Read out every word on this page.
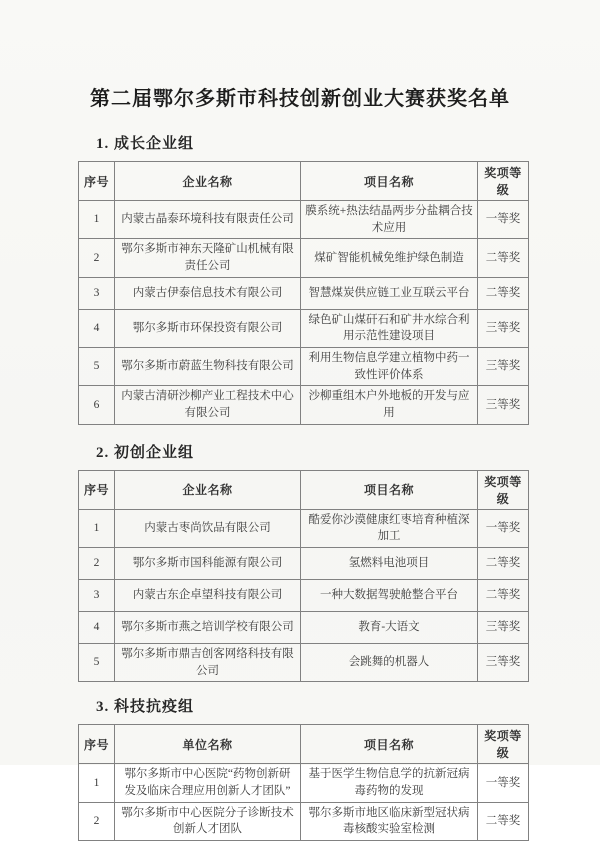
第二届鄂尔多斯市科技创新创业大赛获奖名单
1. 成长企业组
序号	企业名称	项目名称	奖项等级
1	内蒙古晶泰环境科技有限责任公司	膜系统+热法结晶两步分盐耦合技术应用	一等奖
2	鄂尔多斯市神东天隆矿山机械有限责任公司	煤矿智能机械免维护绿色制造	二等奖
3	内蒙古伊泰信息技术有限公司	智慧煤炭供应链工业互联云平台	二等奖
4	鄂尔多斯市环保投资有限公司	绿色矿山煤矸石和矿井水综合利用示范性建设项目	三等奖
5	鄂尔多斯市蔚蓝生物科技有限公司	利用生物信息学建立植物中药一致性评价体系	三等奖
6	内蒙古清研沙柳产业工程技术中心有限公司	沙柳重组木户外地板的开发与应用	三等奖
2. 初创企业组
序号	企业名称	项目名称	奖项等级
1	内蒙古枣尚饮品有限公司	酷爱你沙漠健康红枣培育种植深加工	一等奖
2	鄂尔多斯市国科能源有限公司	氢燃料电池项目	二等奖
3	内蒙古东企卓望科技有限公司	一种大数据驾驶舱整合平台	二等奖
4	鄂尔多斯市燕之培训学校有限公司	教育-大语文	三等奖
5	鄂尔多斯市鼎吉创客网络科技有限公司	会跳舞的机器人	三等奖
3. 科技抗疫组
序号	单位名称	项目名称	奖项等级
1	鄂尔多斯市中心医院“药物创新研发及临床合理应用创新人才团队”	基于医学生物信息学的抗新冠病毒药物的发现	一等奖
2	鄂尔多斯市中心医院分子诊断技术创新人才团队	鄂尔多斯市地区临床新型冠状病毒核酸实验室检测	二等奖
